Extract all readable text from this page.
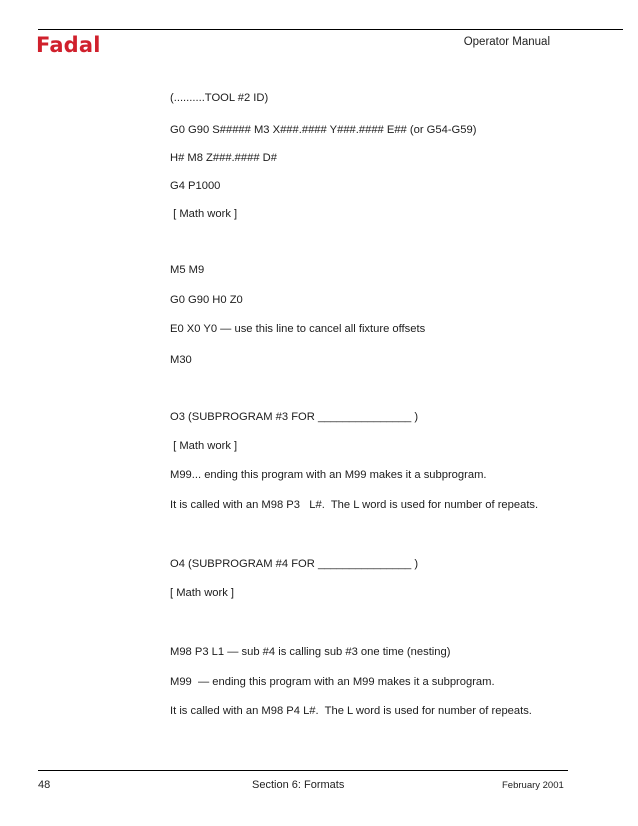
Fadal	Operator Manual
(..........TOOL #2 ID)
G0 G90 S##### M3 X###.#### Y###.#### E## (or G54-G59)
H# M8 Z###.#### D#
G4 P1000
[ Math work ]
M5 M9
G0 G90 H0 Z0
E0 X0 Y0 — use this line to cancel all fixture offsets
M30
O3 (SUBPROGRAM #3 FOR _______________ )
[ Math work ]
M99... ending this program with an M99 makes it a subprogram.
It is called with an M98 P3   L#.  The L word is used for number of repeats.
O4 (SUBPROGRAM #4 FOR _______________ )
[ Math work ]
M98 P3 L1 — sub #4 is calling sub #3 one time (nesting)
M99  — ending this program with an M99 makes it a subprogram.
It is called with an M98 P4 L#.  The L word is used for number of repeats.
48	Section 6: Formats	February 2001
